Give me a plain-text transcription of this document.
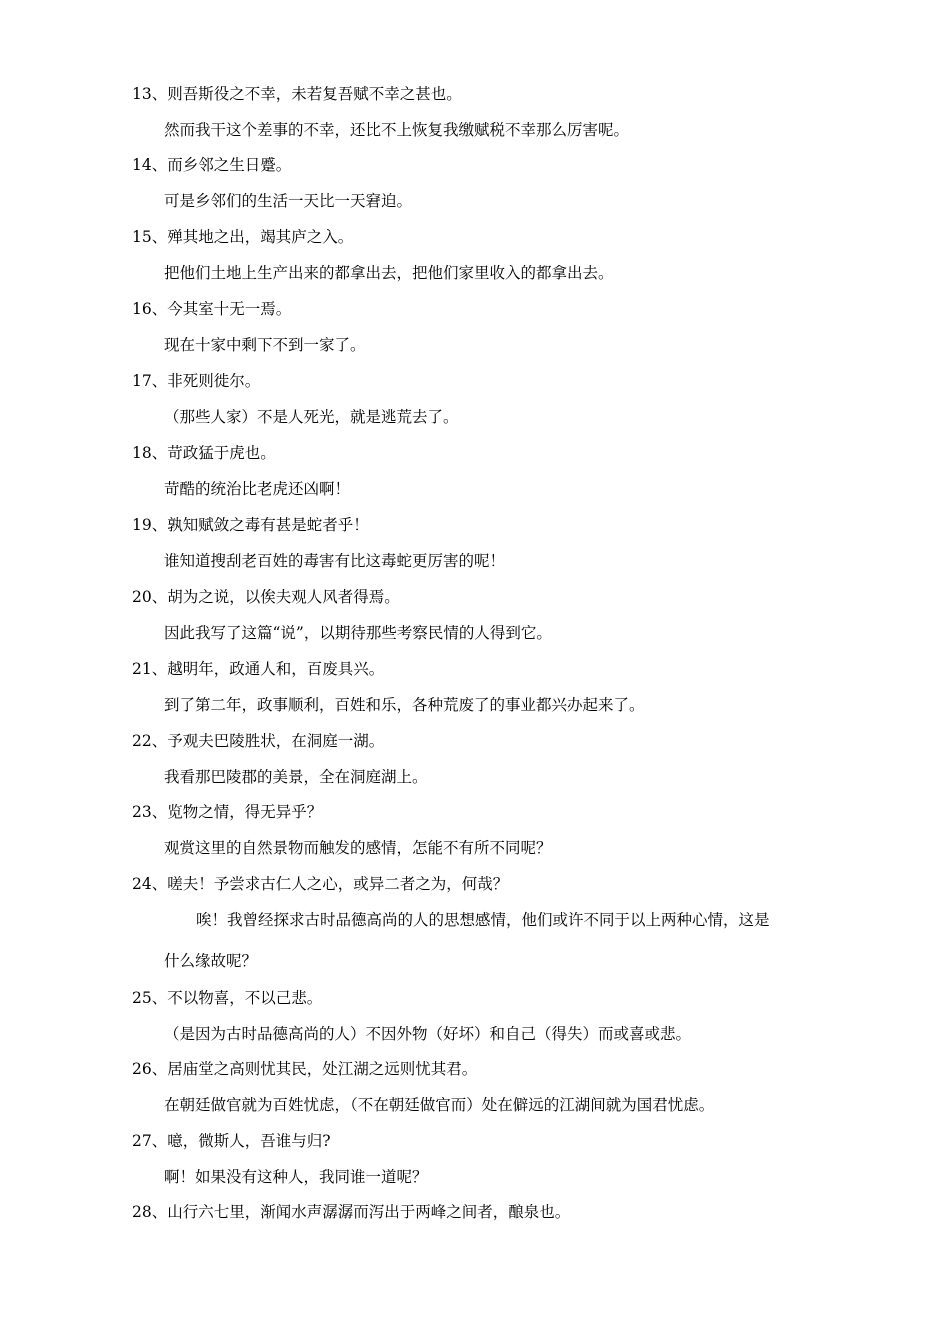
13、则吾斯役之不幸，未若复吾赋不幸之甚也。
然而我干这个差事的不幸，还比不上恢复我缴赋税不幸那么厉害呢。
14、而乡邻之生日蹙。
可是乡邻们的生活一天比一天窘迫。
15、殚其地之出，竭其庐之入。
把他们土地上生产出来的都拿出去，把他们家里收入的都拿出去。
16、今其室十无一焉。
现在十家中剩下不到一家了。
17、非死则徙尔。
（那些人家）不是人死光，就是逃荒去了。
18、苛政猛于虎也。
苛酷的统治比老虎还凶啊！
19、孰知赋敛之毒有甚是蛇者乎！
谁知道搜刮老百姓的毒害有比这毒蛇更厉害的呢！
20、胡为之说，以俟夫观人风者得焉。
因此我写了这篇“说”，以期待那些考察民情的人得到它。
21、越明年，政通人和，百废具兴。
到了第二年，政事顺利，百姓和乐，各种荒废了的事业都兴办起来了。
22、予观夫巴陵胜状，在洞庭一湖。
我看那巴陵郡的美景，全在洞庭湖上。
23、览物之情，得无异乎？
观赏这里的自然景物而触发的感情，怎能不有所不同呢？
24、嗟夫！予尝求古仁人之心，或异二者之为，何哉？
唉！我曾经探求古时品德高尚的人的思想感情，他们或许不同于以上两种心情，这是
什么缘故呢？
25、不以物喜，不以己悲。
（是因为古时品德高尚的人）不因外物（好坏）和自己（得失）而或喜或悲。
26、居庙堂之高则忧其民，处江湖之远则忧其君。
在朝廷做官就为百姓忧虑，（不在朝廷做官而）处在僻远的江湖间就为国君忧虑。
27、噫，微斯人，吾谁与归?
啊！如果没有这种人，我同谁一道呢？
28、山行六七里，渐闻水声潺潺而泻出于两峰之间者，酿泉也。
